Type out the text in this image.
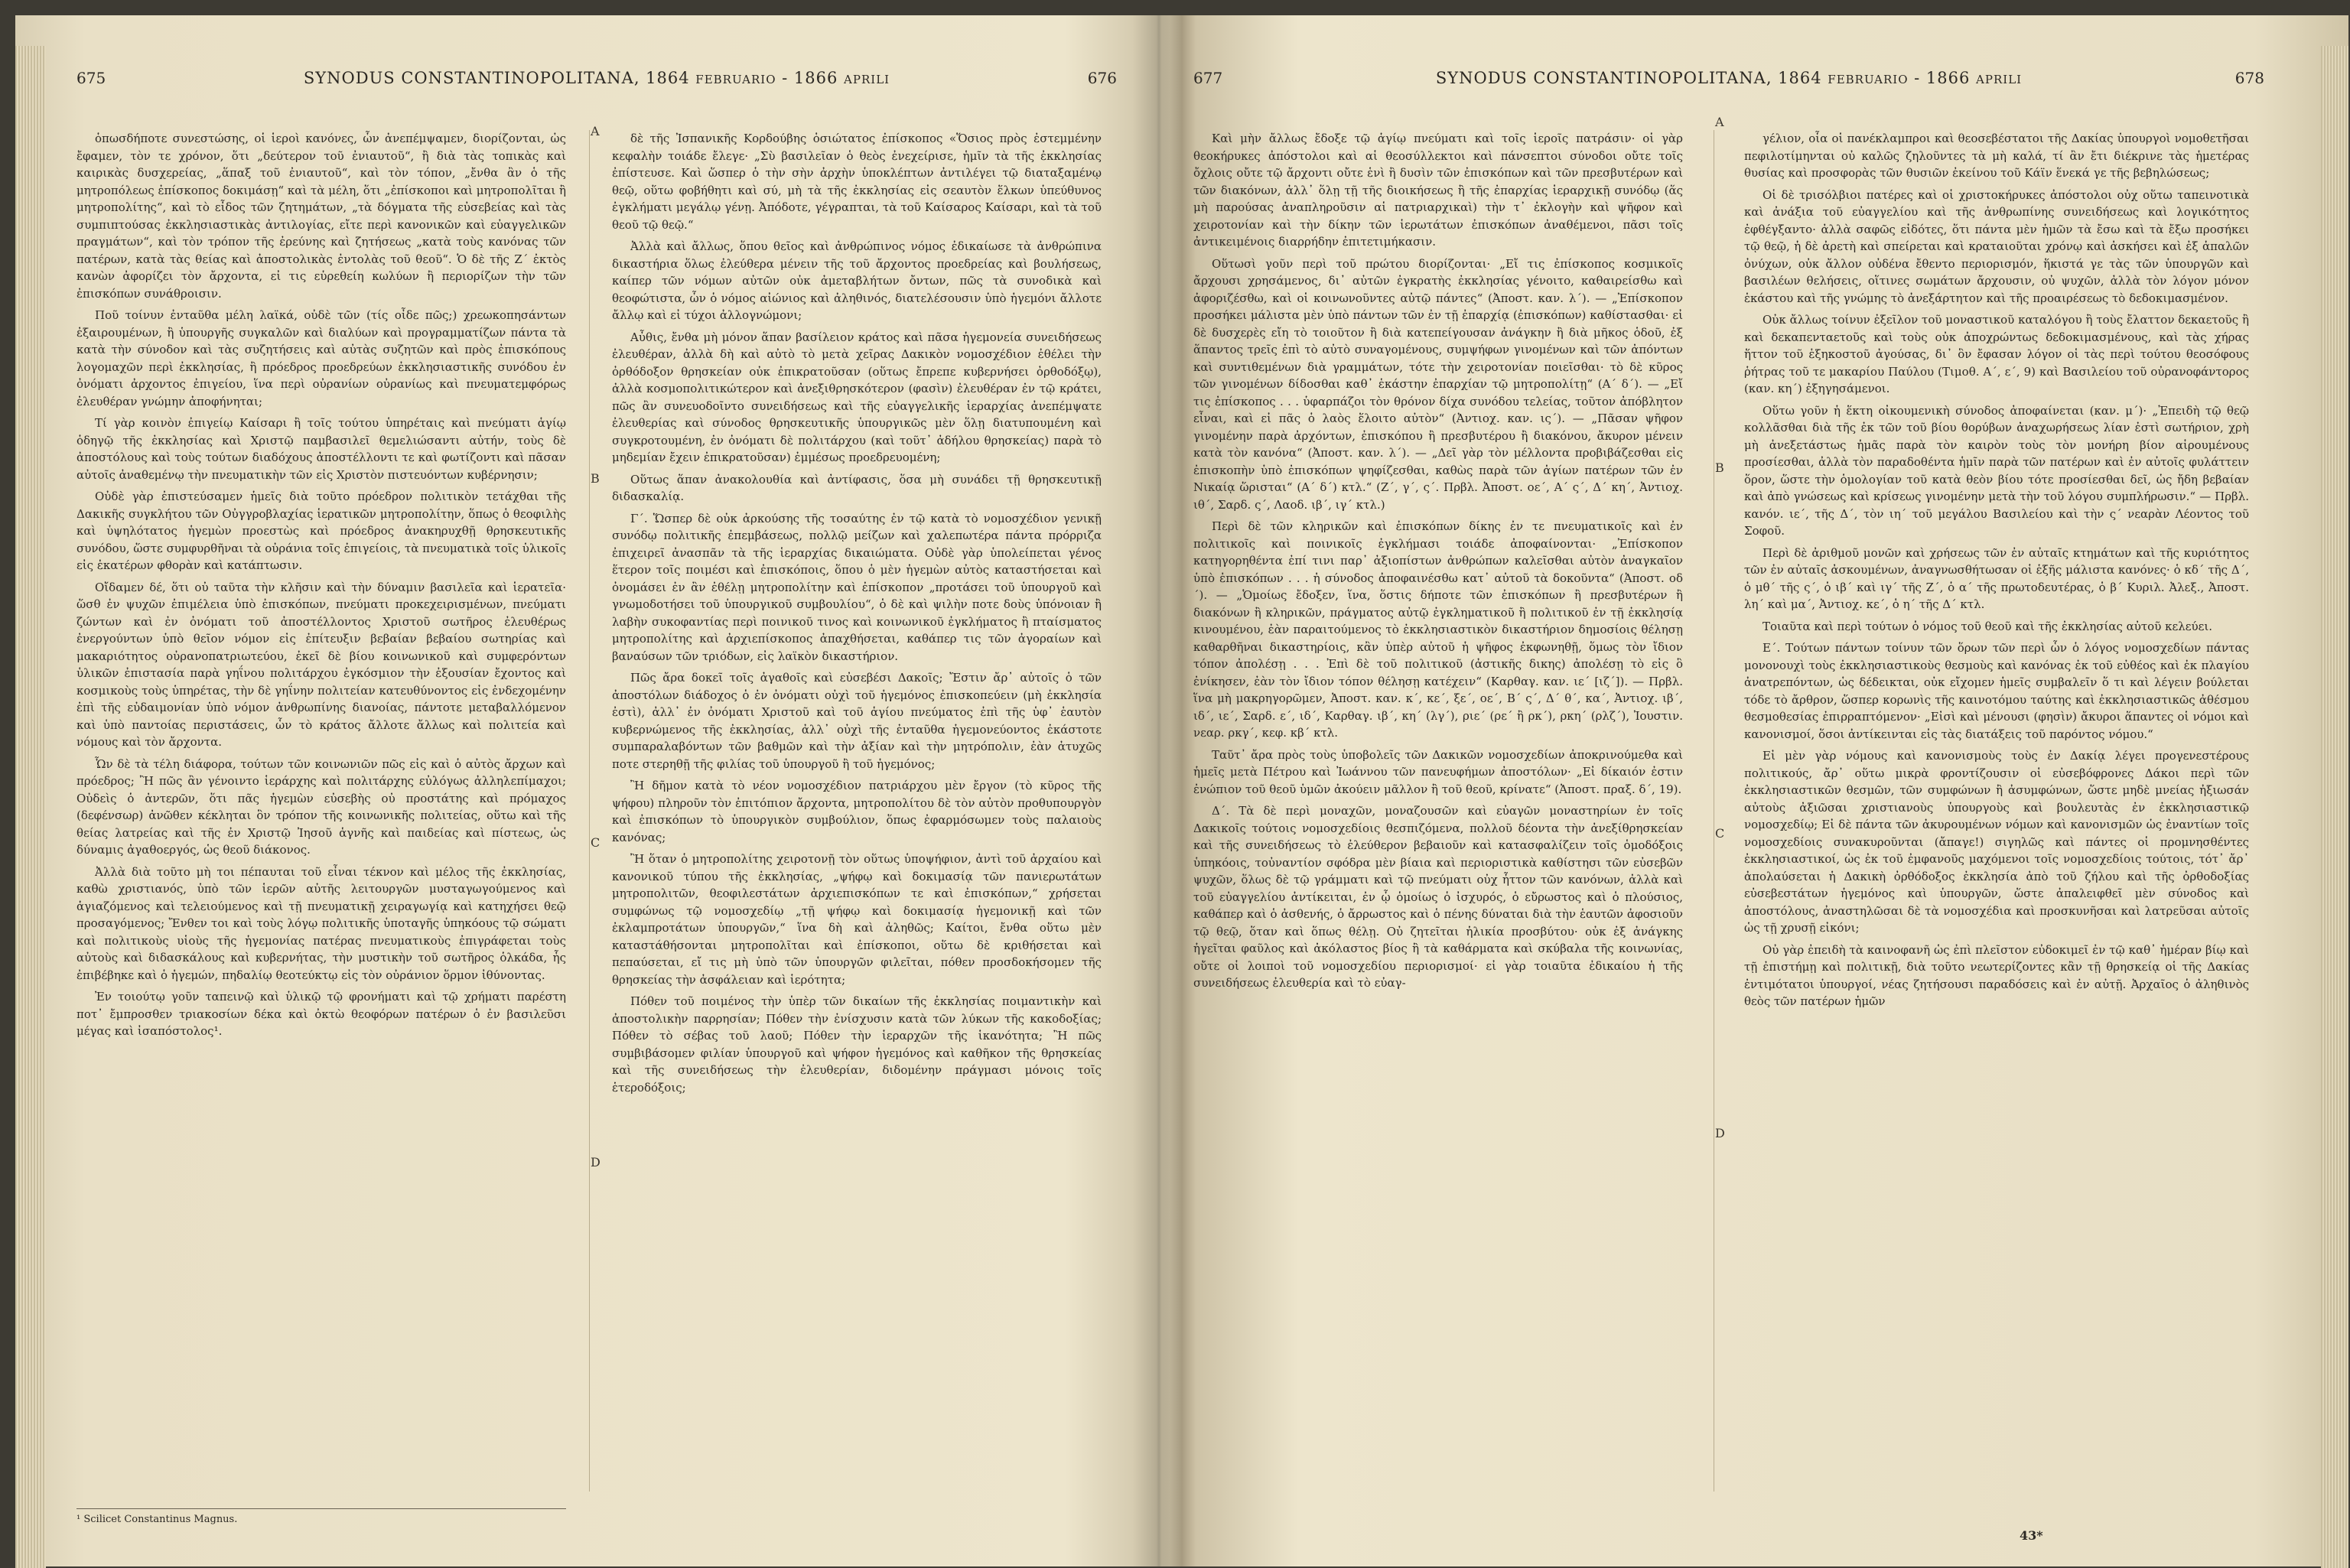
675	SYNODUS CONSTANTINOPOLITANA, 1864 februario - 1866 aprili	676

ὁπωσδήποτε συνεστώσης, οἱ ἱεροὶ κανόνες, ὧν ἀνεπέμψαμεν, διορίζονται, ὡς ἔφαμεν, τὸν τε χρόνον, ὅτι „δεύτερον τοῦ ἐνιαυτοῦ“, ἢ διὰ τὰς τοπικὰς καὶ καιρικὰς δυσχερείας, „ἅπαξ τοῦ ἐνιαυτοῦ“, καὶ τὸν τόπον, „ἔνθα ἂν ὁ τῆς μητροπόλεως ἐπίσκοπος δοκιμάσῃ“ καὶ τὰ μέλη, ὅτι „ἐπίσκοποι καὶ μητροπολῖται ἢ μητροπολίτης“, καὶ τὸ εἶδος τῶν ζητημάτων, „τὰ δόγματα τῆς εὐσεβείας καὶ τὰς συμπιπτούσας ἐκκλησιαστικὰς ἀντιλογίας, εἴτε περὶ κανονικῶν καὶ εὐαγγελικῶν πραγμάτων“, καὶ τὸν τρόπον τῆς ἐρεύνης καὶ ζητήσεως „κατὰ τοὺς κανόνας τῶν πατέρων, κατὰ τὰς θείας καὶ ἀποστολικὰς ἐντολὰς τοῦ θεοῦ“. Ὁ δὲ τῆς Ζ´ ἐκτὸς κανὼν ἀφορίζει τὸν ἄρχοντα, εἰ τις εὑρεθείη κωλύων ἢ περιορίζων τὴν τῶν ἐπισκόπων συνάθροισιν.

Ποῦ τοίνυν ἐνταῦθα μέλη λαϊκά, οὐδὲ τῶν (τίς οἶδε πῶς;) χρεωκοπησάντων ἐξαιρουμένων, ἢ ὑπουργῆς συγκαλῶν καὶ διαλύων καὶ προγραμματίζων πάντα τὰ κατὰ τὴν σύνοδον καὶ τὰς συζητήσεις καὶ αὐτὰς συζητῶν καὶ πρὸς ἐπισκόπους λογομαχῶν περὶ ἐκκλησίας, ἢ πρόεδρος προεδρεύων ἐκκλησιαστικῆς συνόδου ἐν ὀνόματι ἀρχοντος ἐπιγείου, ἵνα περὶ οὐρανίων οὐρανίως καὶ πνευματεμφόρως ἐλευθέραν γνώμην ἀποφήνηται;

Τί γὰρ κοινὸν ἐπιγείῳ Καίσαρι ἢ τοῖς τούτου ὑπηρέταις καὶ πνεύματι ἁγίῳ ὁδηγῷ τῆς ἐκκλησίας καὶ Χριστῷ παμβασιλεῖ θεμελιώσαντι αὐτήν, τοὺς δὲ ἀποστόλους καὶ τοὺς τούτων διαδόχους ἀποστέλλοντι τε καὶ φωτίζοντι καὶ πᾶσαν αὐτοῖς ἀναθεμένῳ τὴν πνευματικὴν τῶν εἰς Χριστὸν πιστευόντων κυβέρνησιν;

Οὐδὲ γὰρ ἐπιστεύσαμεν ἡμεῖς διὰ τοῦτο πρόεδρον πολιτικὸν τετάχθαι τῆς Δακικῆς συγκλήτου τῶν Οὐγγροβλαχίας ἱερατικῶν μητροπολίτην, ὅπως ὁ θεοφιλὴς καὶ ὑψηλότατος ἡγεμὼν προεστὼς καὶ πρόεδρος ἀνακηρυχθῇ θρησκευτικῆς συνόδου, ὥστε συμφυρθῆναι τὰ οὐράνια τοῖς ἐπιγείοις, τὰ πνευματικὰ τοῖς ὑλικοῖς εἰς ἑκατέρων φθορὰν καὶ κατάπτωσιν.

Οἴδαμεν δέ, ὅτι οὐ ταῦτα τὴν κλῆσιν καὶ τὴν δύναμιν βασιλεῖα καὶ ἱερατεῖα· ὥσθ ἐν ψυχῶν ἐπιμέλεια ὑπὸ ἐπισκόπων, πνεύματι προκεχειρισμένων, πνεύματι ζώντων καὶ ἐν ὀνόματι τοῦ ἀποστέλλοντος Χριστοῦ σωτῆρος ἐλευθέρως ἐνεργούντων ὑπὸ θεῖον νόμον εἰς ἐπίτευξιν βεβαίαν βεβαίου σωτηρίας καὶ μακαριότητος οὐρανοπατριωτεύου, ἐκεῖ δὲ βίου κοινωνικοῦ καὶ συμφερόντων ὑλικῶν ἐπιστασία παρὰ γηΐνου πολιτάρχου ἐγκόσμιον τὴν ἐξουσίαν ἔχοντος καὶ κοσμικοὺς τοὺς ὑπηρέτας, τὴν δὲ γηΐνην πολιτείαν κατευθύνοντος εἰς ἐνδεχομένην ἐπὶ τῆς εὐδαιμονίαν ὑπὸ νόμον ἀνθρωπίνης διανοίας, πάντοτε μεταβαλλόμενον καὶ ὑπὸ παντοίας περιστάσεις, ὧν τὸ κράτος ἄλλοτε ἄλλως καὶ πολιτεία καὶ νόμους καὶ τὸν ἄρχοντα.

Ὧν δὲ τὰ τέλη διάφορα, τούτων τῶν κοινωνιῶν πῶς εἰς καὶ ὁ αὐτὸς ἄρχων καὶ πρόεδρος; Ἢ πῶς ἂν γένοιντο ἱεράρχης καὶ πολιτάρχης εὐλόγως ἀλληλεπίμαχοι; Οὐδεὶς ὁ ἀντερῶν, ὅτι πᾶς ἡγεμὼν εὐσεβὴς οὐ προστάτης καὶ πρόμαχος (δεφένσωρ) ἀνῶθεν κέκληται ὃν τρόπον τῆς κοινωνικῆς πολιτείας, οὕτω καὶ τῆς θείας λατρείας καὶ τῆς ἐν Χριστῷ Ἰησοῦ ἁγνῆς καὶ παιδείας καὶ πίστεως, ὡς δύναμις ἀγαθοεργός, ὡς θεοῦ διάκονος.

Ἀλλὰ διὰ τοῦτο μὴ τοι πέπαυται τοῦ εἶναι τέκνον καὶ μέλος τῆς ἐκκλησίας, καθὼ χριστιανός, ὑπὸ τῶν ἱερῶν αὐτῆς λειτουργῶν μυσταγωγούμενος καὶ ἁγιαζόμενος καὶ τελειούμενος καὶ τῇ πνευματικῇ χειραγωγίᾳ καὶ κατηχήσει θεῷ προσαγόμενος; Ἔνθεν τοι καὶ τοὺς λόγῳ πολιτικῆς ὑποταγῆς ὑπηκόους τῷ σώματι καὶ πολιτικοὺς υἱοὺς τῆς ἡγεμονίας πατέρας πνευματικοὺς ἐπιγράφεται τοὺς αὐτοὺς καὶ διδασκάλους καὶ κυβερνήτας, τὴν μυστικὴν τοῦ σωτῆρος ὁλκάδα, ἧς ἐπιβέβηκε καὶ ὁ ἡγεμών, πηδαλίῳ θεοτεύκτῳ εἰς τὸν οὐράνιον ὅρμον ἰθύνοντας.

Ἐν τοιούτῳ γοῦν ταπεινῷ καὶ ὑλικῷ τῷ φρονήματι καὶ τῷ χρήματι παρέστη ποτ᾽ ἔμπροσθεν τριακοσίων δέκα καὶ ὀκτὼ θεοφόρων πατέρων ὁ ἐν βασιλεῦσι μέγας καὶ ἰσαπόστολος¹.

A
B
C
D

δὲ τῆς Ἰσπανικῆς Κορδούβης ὁσιώτατος ἐπίσκοπος «Ὅσιος πρὸς ἐστεμμένην κεφαλὴν τοιάδε ἔλεγε· „Σὺ βασιλεῖαν ὁ θεὸς ἐνεχείρισε, ἡμῖν τὰ τῆς ἐκκλησίας ἐπίστευσε. Καὶ ὥσπερ ὁ τὴν σὴν ἀρχὴν ὑποκλέπτων ἀντιλέγει τῷ διαταξαμένῳ θεῷ, οὕτω φοβήθητι καὶ σύ, μὴ τὰ τῆς ἐκκλησίας εἰς σεαυτὸν ἕλκων ὑπεύθυνος ἐγκλήματι μεγάλῳ γένῃ. Ἀπόδοτε, γέγραπται, τὰ τοῦ Καίσαρος Καίσαρι, καὶ τὰ τοῦ θεοῦ τῷ θεῷ.“

Ἀλλὰ καὶ ἄλλως, ὅπου θεῖος καὶ ἀνθρώπινος νόμος ἐδικαίωσε τὰ ἀνθρώπινα δικαστήρια ὅλως ἐλεύθερα μένειν τῆς τοῦ ἄρχοντος προεδρείας καὶ βουλήσεως, καίπερ τῶν νόμων αὐτῶν οὐκ ἀμεταβλήτων ὄντων, πῶς τὰ συνοδικὰ καὶ θεοφώτιστα, ὧν ὁ νόμος αἰώνιος καὶ ἀληθινός, διατελέσουσιν ὑπὸ ἡγεμόνι ἄλλοτε ἄλλῳ καὶ εἰ τύχοι ἀλλογνώμονι;

Αὖθις, ἔνθα μὴ μόνον ἅπαν βασίλειον κράτος καὶ πᾶσα ἡγεμονεία συνειδήσεως ἐλευθέραν, ἀλλὰ δὴ καὶ αὐτὸ τὸ μετὰ χεῖρας Δακικὸν νομοσχέδιον ἐθέλει τὴν ὀρθόδοξον θρησκείαν οὐκ ἐπικρατοῦσαν (οὕτως ἔπρεπε κυβερνήσει ὀρθοδόξῳ), ἀλλὰ κοσμοπολιτικώτερον καὶ ἀνεξιθρησκότερον (φασὶν) ἐλευθέραν ἐν τῷ κράτει, πῶς ἂν συνευοδοῖντο συνειδήσεως καὶ τῆς εὐαγγελικῆς ἱεραρχίας ἀνεπέμψατε ἐλευθερίας καὶ σύνοδος θρησκευτικῆς ὑπουργικῶς μὲν ὅλῃ διατυπουμένη καὶ συγκροτουμένη, ἐν ὀνόματι δὲ πολιτάρχου (καὶ τοῦτ᾽ ἀδήλου θρησκείας) παρὰ τὸ μηδεμίαν ἔχειν ἐπικρατοῦσαν) ἐμμέσως προεδρευομένη;

Οὕτως ἅπαν ἀνακολουθία καὶ ἀντίφασις, ὅσα μὴ συνάδει τῇ θρησκευτικῇ διδασκαλίᾳ.

Γ´. Ὥσπερ δὲ οὐκ ἀρκούσης τῆς τοσαύτης ἐν τῷ κατὰ τὸ νομοσχέδιον γενικῇ συνόδῳ πολιτικῆς ἐπεμβάσεως, πολλῷ μείζων καὶ χαλεπωτέρα πάντα πρόρριζα ἐπιχειρεῖ ἀνασπᾶν τὰ τῆς ἱεραρχίας δικαιώματα. Οὐδὲ γὰρ ὑπολείπεται γένος ἕτερον τοῖς ποιμέσι καὶ ἐπισκόποις, ὅπου ὁ μὲν ἡγεμὼν αὐτὸς καταστήσεται καὶ ὀνομάσει ἐν ἂν ἐθέλῃ μητροπολίτην καὶ ἐπίσκοπον „προτάσει τοῦ ὑπουργοῦ καὶ γνωμοδοτήσει τοῦ ὑπουργικοῦ συμβουλίου“, ὁ δὲ καὶ ψιλὴν ποτε δοὺς ὑπόνοιαν ἢ λαβὴν συκοφαντίας περὶ ποινικοῦ τινος καὶ κοινωνικοῦ ἐγκλήματος ἢ πταίσματος μητροπολίτης καὶ ἀρχιεπίσκοπος ἀπαχθήσεται, καθάπερ τις τῶν ἀγοραίων καὶ βαναύσων τῶν τριόδων, εἰς λαϊκὸν δικαστήριον.

Πῶς ἄρα δοκεῖ τοῖς ἀγαθοῖς καὶ εὐσεβέσι Δακοῖς; Ἔστιν ἄρ᾽ αὐτοῖς ὁ τῶν ἀποστόλων διάδοχος ὁ ἐν ὀνόματι οὐχὶ τοῦ ἡγεμόνος ἐπισκοπεύειν (μὴ ἐκκλησία ἐστὶ), ἀλλ᾽ ἐν ὀνόματι Χριστοῦ καὶ τοῦ ἁγίου πνεύματος ἐπὶ τῆς ὑφ᾽ ἑαυτὸν κυβερνώμενος τῆς ἐκκλησίας, ἀλλ᾽ οὐχὶ τῆς ἐνταῦθα ἡγεμονεύοντος ἑκάστοτε συμπαραλαβόντων τῶν βαθμῶν καὶ τὴν ἀξίαν καὶ τὴν μητρόπολιν, ἐὰν ἀτυχῶς ποτε στερηθῇ τῆς φιλίας τοῦ ὑπουργοῦ ἢ τοῦ ἡγεμόνος;

Ἢ δῆμον κατὰ τὸ νέον νομοσχέδιον πατριάρχου μὲν ἔργον (τὸ κῦρος τῆς ψήφου) πληροῦν τὸν ἐπιτόπιον ἄρχοντα, μητροπολίτου δὲ τὸν αὐτὸν προθυπουργὸν καὶ ἐπισκόπων τὸ ὑπουργικὸν συμβούλιον, ὅπως ἐφαρμόσωμεν τοὺς παλαιοὺς κανόνας;

Ἢ ὅταν ὁ μητροπολίτης χειροτονῇ τὸν οὕτως ὑποψήφιον, ἀντὶ τοῦ ἀρχαίου καὶ κανονικοῦ τύπου τῆς ἐκκλησίας, „ψήφῳ καὶ δοκιμασίᾳ τῶν πανιερωτάτων μητροπολιτῶν, θεοφιλεστάτων ἀρχιεπισκόπων τε καὶ ἐπισκόπων,“ χρήσεται συμφώνως τῷ νομοσχεδίῳ „τῇ ψήφῳ καὶ δοκιμασίᾳ ἡγεμονικῇ καὶ τῶν ἐκλαμπροτάτων ὑπουργῶν,“ ἵνα δὴ καὶ ἀληθῶς; Καίτοι, ἔνθα οὕτω μὲν καταστάθήσονται μητροπολῖται καὶ ἐπίσκοποι, οὕτω δὲ κριθήσεται καὶ πεπαύσεται, εἴ τις μὴ ὑπὸ τῶν ὑπουργῶν φιλεῖται, πόθεν προσδοκήσομεν τῆς θρησκείας τὴν ἀσφάλειαν καὶ ἱερότητα;

Πόθεν τοῦ ποιμένος τὴν ὑπὲρ τῶν δικαίων τῆς ἐκκλησίας ποιμαντικὴν καὶ ἀποστολικὴν παρρησίαν; Πόθεν τὴν ἐνίσχυσιν κατὰ τῶν λύκων τῆς κακοδοξίας; Πόθεν τὸ σέβας τοῦ λαοῦ; Πόθεν τὴν ἱεραρχῶν τῆς ἱκανότητα; Ἢ πῶς συμβιβάσομεν φιλίαν ὑπουργοῦ καὶ ψήφον ἡγεμόνος καὶ καθῆκον τῆς θρησκείας καὶ τῆς συνειδήσεως τὴν ἐλευθερίαν, διδομένην πράγμασι μόνοις τοῖς ἑτεροδόξοις;

¹ Scilicet Constantinus Magnus.
677	SYNODUS CONSTANTINOPOLITANA, 1864 februario - 1866 aprili	678

Καὶ μὴν ἄλλως ἔδοξε τῷ ἁγίῳ πνεύματι καὶ τοῖς ἱεροῖς πατράσιν· οἱ γὰρ θεοκήρυκες ἀπόστολοι καὶ αἱ θεοσύλλεκτοι καὶ πάνσεπτοι σύνοδοι οὔτε τοῖς ὄχλοις οὔτε τῷ ἄρχοντι οὔτε ἑνὶ ἢ δυσὶν τῶν ἐπισκόπων καὶ τῶν πρεσβυτέρων καὶ τῶν διακόνων, ἀλλ᾽ ὅλῃ τῇ τῆς διοικήσεως ἢ τῆς ἐπαρχίας ἱεραρχικῇ συνόδῳ (ἅς μὴ παρούσας ἀναπληροῦσιν αἱ πατριαρχικαὶ) τὴν τ᾽ ἐκλογὴν καὶ ψῆφον καὶ χειροτονίαν καὶ τὴν δίκην τῶν ἱερωτάτων ἐπισκόπων ἀναθέμενοι, πᾶσι τοῖς ἀντικειμένοις διαρρήδην ἐπιτετιμήκασιν.

Οὕτωσὶ γοῦν περὶ τοῦ πρώτου διορίζονται· „Εἴ τις ἐπίσκοπος κοσμικοῖς ἄρχουσι χρησάμενος, δι᾽ αὐτῶν ἐγκρατὴς ἐκκλησίας γένοιτο, καθαιρείσθω καὶ ἀφοριζέσθω, καὶ οἱ κοινωνοῦντες αὐτῷ πάντες“ (Ἀποστ. καν. λ´). — „Ἐπίσκοπον προσήκει μάλιστα μὲν ὑπὸ πάντων τῶν ἐν τῇ ἐπαρχίᾳ (ἐπισκόπων) καθίστασθαι· εἰ δὲ δυσχερὲς εἴη τὸ τοιοῦτον ἢ διὰ κατεπείγουσαν ἀνάγκην ἢ διὰ μῆκος ὁδοῦ, ἐξ ἅπαντος τρεῖς ἐπὶ τὸ αὐτὸ συναγομένους, συμψήφων γινομένων καὶ τῶν ἀπόντων καὶ συντιθεμένων διὰ γραμμάτων, τότε τὴν χειροτονίαν ποιεῖσθαι· τὸ δὲ κῦρος τῶν γινομένων δίδοσθαι καθ᾽ ἑκάστην ἐπαρχίαν τῷ μητροπολίτῃ“ (Α´ δ´). — „Εἴ τις ἐπίσκοπος . . . ὑφαρπάζοι τὸν θρόνον δίχα συνόδου τελείας, τοῦτον ἀπόβλητον εἶναι, καὶ εἰ πᾶς ὁ λαὸς ἕλοιτο αὐτὸν“ (Ἀντιοχ. καν. ις´). — „Πᾶσαν ψῆφον γινομένην παρὰ ἀρχόντων, ἐπισκόπου ἢ πρεσβυτέρου ἢ διακόνου, ἄκυρον μένειν κατὰ τὸν κανόνα“ (Ἀποστ. καν. λ´). — „Δεῖ γὰρ τὸν μέλλοντα προβιβάζεσθαι εἰς ἐπισκοπὴν ὑπὸ ἐπισκόπων ψηφίζεσθαι, καθὼς παρὰ τῶν ἁγίων πατέρων τῶν ἐν Νικαίᾳ ὥρισται“ (Α´ δ´) κτλ.“ (Ζ´, γ´, ς´. Πρβλ. Ἀποστ. οε´, Α´ ς´, Δ´ κη´, Ἀντιοχ. ιθ´, Σαρδ. ς´, Λαοδ. ιβ´, ιγ´ κτλ.)

Περὶ δὲ τῶν κληρικῶν καὶ ἐπισκόπων δίκης ἐν τε πνευματικοῖς καὶ ἐν πολιτικοῖς καὶ ποινικοῖς ἐγκλήμασι τοιάδε ἀποφαίνονται· „Ἐπίσκοπον κατηγορηθέντα ἐπί τινι παρ᾽ ἀξιοπίστων ἀνθρώπων καλεῖσθαι αὐτὸν ἀναγκαῖον ὑπὸ ἐπισκόπων . . . ἡ σύνοδος ἀποφαινέσθω κατ᾽ αὐτοῦ τὰ δοκοῦντα“ (Ἀποστ. οδ´). — „Ὁμοίως ἔδοξεν, ἵνα, ὅστις δήποτε τῶν ἐπισκόπων ἢ πρεσβυτέρων ἢ διακόνων ἢ κληρικῶν, πράγματος αὐτῷ ἐγκληματικοῦ ἢ πολιτικοῦ ἐν τῇ ἐκκλησίᾳ κινουμένου, ἐὰν παραιτούμενος τὸ ἐκκλησιαστικὸν δικαστήριον δημοσίοις θέλησῃ καθαρθῆναι δικαστηρίοις, κἂν ὑπὲρ αὐτοῦ ἡ ψῆφος ἐκφωνηθῇ, ὅμως τὸν ἴδιον τόπον ἀπολέσῃ . . . Ἐπὶ δὲ τοῦ πολιτικοῦ (ἀστικῆς δικης) ἀπολέσῃ τὸ εἰς ὃ ἐνίκησεν, ἐὰν τὸν ἴδιον τόπον θέλησῃ κατέχειν“ (Καρθαγ. καν. ιε´ [ιζ´]). — Πρβλ. ἵνα μὴ μακρηγορῶμεν, Ἀποστ. καν. κ´, κε´, ξε´, οε´, Β´ ς´, Δ´ θ´, κα´, Ἀντιοχ. ιβ´, ιδ´, ιε´, Σαρδ. ε´, ιδ´, Καρθαγ. ιβ´, κη´ (λγ´), ριε´ (ρε´ ἢ ρκ´), ρκη´ (ρλζ´), Ἰουστιν. νεαρ. ρκγ´, κεφ. κβ´ κτλ.

Ταῦτ᾽ ἄρα πρὸς τοὺς ὑποβολεῖς τῶν Δακικῶν νομοσχεδίων ἀποκρινούμεθα καὶ ἡμεῖς μετὰ Πέτρου καὶ Ἰωάννου τῶν πανευφήμων ἀποστόλων· „Εἰ δίκαιόν ἐστιν ἐνώπιον τοῦ θεοῦ ὑμῶν ἀκούειν μᾶλλον ἢ τοῦ θεοῦ, κρίνατε“ (Ἀποστ. πραξ. δ´, 19).

Δ´. Τὰ δὲ περὶ μοναχῶν, μοναζουσῶν καὶ εὐαγῶν μοναστηρίων ἐν τοῖς Δακικοῖς τούτοις νομοσχεδίοις θεσπιζόμενα, πολλοῦ δέοντα τὴν ἀνεξίθρησκείαν καὶ τῆς συνειδήσεως τὸ ἐλεύθερον βεβαιοῦν καὶ κατασφαλίζειν τοῖς ὁμοδόξοις ὑπηκόοις, τοὐναντίον σφόδρα μὲν βίαια καὶ περιοριστικὰ καθίστησι τῶν εὐσεβῶν ψυχῶν, ὅλως δὲ τῷ γράμματι καὶ τῷ πνεύματι οὐχ ἧττον τῶν κανόνων, ἀλλὰ καὶ τοῦ εὐαγγελίου ἀντίκειται, ἐν ᾧ ὁμοίως ὁ ἰσχυρός, ὁ εὔρωστος καὶ ὁ πλούσιος, καθάπερ καὶ ὁ ἀσθενής, ὁ ἄρρωστος καὶ ὁ πένης δύναται διὰ τὴν ἑαυτῶν ἀφοσιοῦν τῷ θεῷ, ὅταν καὶ ὅπως θέλῃ. Οὐ ζητεῖται ἡλικία προσβύτου· οὐκ ἐξ ἀνάγκης ἡγεῖται φαῦλος καὶ ἀκόλαστος βίος ἢ τὰ καθάρματα καὶ σκύβαλα τῆς κοινωνίας, οὔτε οἱ λοιποὶ τοῦ νομοσχεδίου περιορισμοί· εἰ γὰρ τοιαῦτα ἐδικαίου ἡ τῆς συνειδήσεως ἐλευθερία καὶ τὸ εὐαγ-

A
B
C
D

γέλιον, οἷα οἱ πανέκλαμπροι καὶ θεοσεβέστατοι τῆς Δακίας ὑπουργοὶ νομοθετῆσαι πεφιλοτίμηνται οὐ καλῶς ζηλοῦντες τὰ μὴ καλά, τί ἂν ἔτι διέκρινε τὰς ἡμετέρας θυσίας καὶ προσφορὰς τῶν θυσιῶν ἐκείνου τοῦ Κάϊν ἕνεκά γε τῆς βεβηλώσεως;

Οἱ δὲ τρισόλβιοι πατέρες καὶ οἱ χριστοκήρυκες ἀπόστολοι οὐχ οὕτω ταπεινοτικὰ καὶ ἀνάξια τοῦ εὐαγγελίου καὶ τῆς ἀνθρωπίνης συνειδήσεως καὶ λογικότητος ἐφθέγξαντο· ἀλλὰ σαφῶς εἰδότες, ὅτι πάντα μὲν ἡμῶν τὰ ἔσω καὶ τὰ ἔξω προσήκει τῷ θεῷ, ἡ δὲ ἀρετὴ καὶ σπείρεται καὶ κραταιοῦται χρόνῳ καὶ ἀσκήσει καὶ ἐξ ἁπαλῶν ὀνύχων, οὐκ ἄλλον οὐδένα ἔθεντο περιορισμόν, ἥκιστά γε τὰς τῶν ὑπουργῶν καὶ βασιλέων θελήσεις, οἵτινες σωμάτων ἄρχουσιν, οὐ ψυχῶν, ἀλλὰ τὸν λόγον μόνον ἑκάστου καὶ τῆς γνώμης τὸ ἀνεξάρτητον καὶ τῆς προαιρέσεως τὸ δεδοκιμασμένον.

Οὐκ ἄλλως τοίνυν ἐξεῖλον τοῦ μοναστικοῦ καταλόγου ἢ τοὺς ἔλαττον δεκαετοῦς ἢ καὶ δεκαπενταετοῦς καὶ τοὺς οὐκ ἀποχρώντως δεδοκιμασμένους, καὶ τὰς χήρας ἥττον τοῦ ἑξηκοστοῦ ἀγούσας, δι᾽ ὃν ἔφασαν λόγον οἱ τὰς περὶ τούτου θεοσόφους ῥήτρας τοῦ τε μακαρίου Παύλου (Τιμοθ. Α´, ε´, 9) καὶ Βασιλείου τοῦ οὐρανοφάντορος (καν. κη´) ἐξηγησάμενοι.

Οὕτω γοῦν ἡ ἕκτη οἰκουμενικὴ σύνοδος ἀποφαίνεται (καν. μ´)· „Ἐπειδὴ τῷ θεῷ κολλᾶσθαι διὰ τῆς ἐκ τῶν τοῦ βίου θορύβων ἀναχωρήσεως λίαν ἐστὶ σωτήριον, χρὴ μὴ ἀνεξετάστως ἡμᾶς παρὰ τὸν καιρὸν τοὺς τὸν μονήρη βίον αἱρουμένους προσίεσθαι, ἀλλὰ τὸν παραδοθέντα ἡμῖν παρὰ τῶν πατέρων καὶ ἐν αὐτοῖς φυλάττειν ὅρον, ὥστε τὴν ὁμολογίαν τοῦ κατὰ θεὸν βίου τότε προσίεσθαι δεῖ, ὡς ἤδη βεβαίαν καὶ ἀπὸ γνώσεως καὶ κρίσεως γινομένην μετὰ τὴν τοῦ λόγου συμπλήρωσιν.“ — Πρβλ. κανόν. ιε´, τῆς Δ´, τὸν ιη´ τοῦ μεγάλου Βασιλείου καὶ τὴν ς´ νεαρὰν Λέοντος τοῦ Σοφοῦ.

Περὶ δὲ ἀριθμοῦ μονῶν καὶ χρήσεως τῶν ἐν αὐταῖς κτημάτων καὶ τῆς κυριότητος τῶν ἐν αὐταῖς ἀσκουμένων, ἀναγνωσθήτωσαν οἱ ἑξῆς μάλιστα κανόνες· ὁ κδ´ τῆς Δ´, ὁ μθ´ τῆς ς´, ὁ ιβ´ καὶ ιγ´ τῆς Ζ´, ὁ α´ τῆς πρωτοδευτέρας, ὁ β´ Κυριλ. Ἀλεξ., Ἀποστ. λη´ καὶ μα´, Ἀντιοχ. κε´, ὁ η´ τῆς Δ´ κτλ.

Τοιαῦτα καὶ περὶ τούτων ὁ νόμος τοῦ θεοῦ καὶ τῆς ἐκκλησίας αὐτοῦ κελεύει.

Ε´. Τούτων πάντων τοίνυν τῶν ὅρων τῶν περὶ ὧν ὁ λόγος νομοσχεδίων πάντας μονονουχὶ τοὺς ἐκκλησιαστικοὺς θεσμοὺς καὶ κανόνας ἐκ τοῦ εὐθέος καὶ ἐκ πλαγίου ἀνατρεπόντων, ὡς δέδεικται, οὐκ εἴχομεν ἡμεῖς συμβαλεῖν ὅ τι καὶ λέγειν βούλεται τόδε τὸ ἄρθρον, ὥσπερ κορωνὶς τῆς καινοτόμου ταύτης καὶ ἐκκλησιαστικῶς ἀθέσμου θεσμοθεσίας ἐπιρραπτόμενον· „Εἰσὶ καὶ μένουσι (φησὶν) ἄκυροι ἅπαντες οἱ νόμοι καὶ κανονισμοί, ὅσοι ἀντίκεινται εἰς τὰς διατάξεις τοῦ παρόντος νόμου.“

Εἰ μὲν γὰρ νόμους καὶ κανονισμοὺς τοὺς ἐν Δακίᾳ λέγει προγενεστέρους πολιτικούς, ἄρ᾽ οὕτω μικρὰ φροντίζουσιν οἱ εὐσεβόφρονες Δάκοι περὶ τῶν ἐκκλησιαστικῶν θεσμῶν, τῶν συμφώνων ἢ ἀσυμφώνων, ὥστε μηδὲ μνείας ἠξιωσάν αὐτοὺς ἀξιῶσαι χριστιανοὺς ὑπουργοὺς καὶ βουλευτὰς ἐν ἐκκλησιαστικῷ νομοσχεδίῳ; Εἰ δὲ πάντα τῶν ἀκυρουμένων νόμων καὶ κανονισμῶν ὡς ἐναντίων τοῖς νομοσχεδίοις συνακυροῦνται (ἄπαγε!) σιγηλῶς καὶ πάντες οἱ προμνησθέντες ἐκκλησιαστικοί, ὡς ἐκ τοῦ ἐμφανοῦς μαχόμενοι τοῖς νομοσχεδίοις τούτοις, τότ᾽ ἄρ᾽ ἀπολαύσεται ἡ Δακικὴ ὀρθόδοξος ἐκκλησία ἀπὸ τοῦ ζήλου καὶ τῆς ὀρθοδοξίας εὐσεβεστάτων ἡγεμόνος καὶ ὑπουργῶν, ὥστε ἀπαλειφθεῖ μὲν σύνοδος καὶ ἀποστόλους, ἀναστηλῶσαι δὲ τὰ νομοσχέδια καὶ προσκυνῆσαι καὶ λατρεῦσαι αὐτοῖς ὡς τῇ χρυσῇ εἰκόνι;

Οὐ γὰρ ἐπειδὴ τὰ καινοφανῆ ὡς ἐπὶ πλεῖστον εὐδοκιμεῖ ἐν τῷ καθ᾽ ἡμέραν βίῳ καὶ τῇ ἐπιστήμῃ καὶ πολιτικῇ, διὰ τοῦτο νεωτερίζοντες κἂν τῇ θρησκείᾳ οἱ τῆς Δακίας ἐντιμότατοι ὑπουργοί, νέας ζητήσουσι παραδόσεις καὶ ἐν αὐτῇ. Ἀρχαῖος ὁ ἀληθινὸς θεὸς τῶν πατέρων ἡμῶν

43*
